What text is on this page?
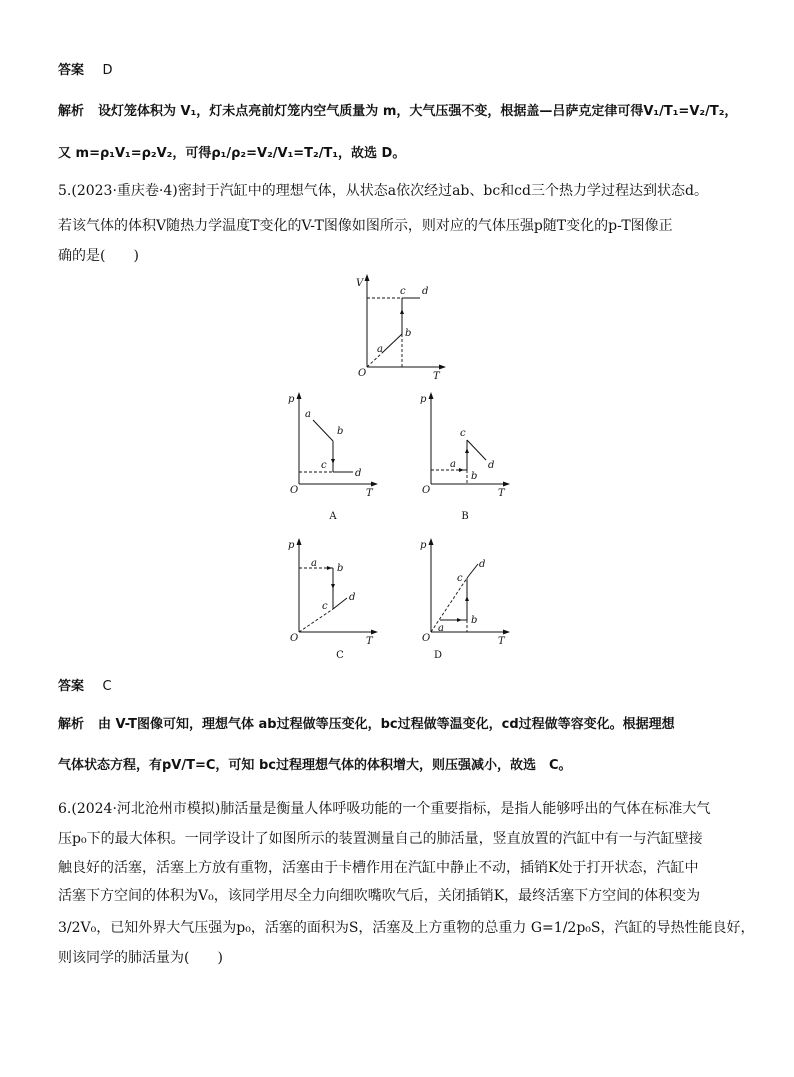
答案 D
解析 设灯笼体积为 V₁，灯未点亮前灯笼内空气质量为 m，大气压强不变，根据盖—吕萨克定律可得V₁/T₁=V₂/T₂，
又 m=ρ₁V₁=ρ₂V₂，可得ρ₁/ρ₂=V₂/V₁=T₂/T₁，故选 D。
5.(2023·重庆卷·4)密封于汽缸中的理想气体，从状态a依次经过ab、bc和cd三个热力学过程达到状态d。
若该气体的体积V随热力学温度T变化的V-T图像如图所示，则对应的气体压强p随T变化的p-T图像正
确的是(　　)
V
T
O
a
b
c d
p
T
O
a
b
c
d
A
p
T
O
a
b
c
d
B
p
T
O
a b
c
d
C
p
T
O
a
b
c
d
D
答案 C
解析 由 V-T图像可知，理想气体 ab过程做等压变化，bc过程做等温变化，cd过程做等容变化。根据理想
气体状态方程，有pV/T=C，可知 bc过程理想气体的体积增大，则压强减小，故选　C。
6.(2024·河北沧州市模拟)肺活量是衡量人体呼吸功能的一个重要指标，是指人能够呼出的气体在标准大气
压p₀下的最大体积。一同学设计了如图所示的装置测量自己的肺活量，竖直放置的汽缸中有一与汽缸壁接
触良好的活塞，活塞上方放有重物，活塞由于卡槽作用在汽缸中静止不动，插销K处于打开状态，汽缸中
活塞下方空间的体积为V₀，该同学用尽全力向细吹嘴吹气后，关闭插销K，最终活塞下方空间的体积变为
3/2V₀，已知外界大气压强为p₀，活塞的面积为S，活塞及上方重物的总重力 G=1/2p₀S，汽缸的导热性能良好，
则该同学的肺活量为(　　)
